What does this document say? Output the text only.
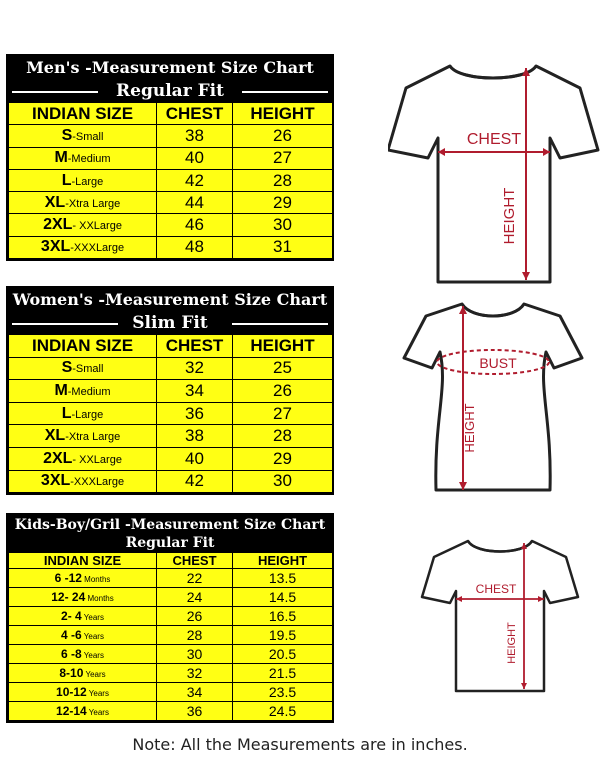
Men's -Measurement Size Chart
Regular Fit
INDIAN SIZE	CHEST	HEIGHT
S-Small	38	26
M-Medium	40	27
L-Large	42	28
XL-Xtra Large	44	29
2XL- XXLarge	46	30
3XL-XXXLarge	48	31
Women's -Measurement Size Chart
Slim Fit
INDIAN SIZE	CHEST	HEIGHT
S-Small	32	25
M-Medium	34	26
L-Large	36	27
XL-Xtra Large	38	28
2XL- XXLarge	40	29
3XL-XXXLarge	42	30
Kids-Boy/Gril -Measurement Size Chart
Regular Fit
INDIAN SIZE	CHEST	HEIGHT
6 -12 Months	22	13.5
12- 24 Months	24	14.5
2- 4 Years	26	16.5
4 -6 Years	28	19.5
6 -8 Years	30	20.5
8-10 Years	32	21.5
10-12 Years	34	23.5
12-14 Years	36	24.5
CHEST
HEIGHT
BUST
HEIGHT
CHEST
HEIGHT
Note: All the Measurements are in inches.
